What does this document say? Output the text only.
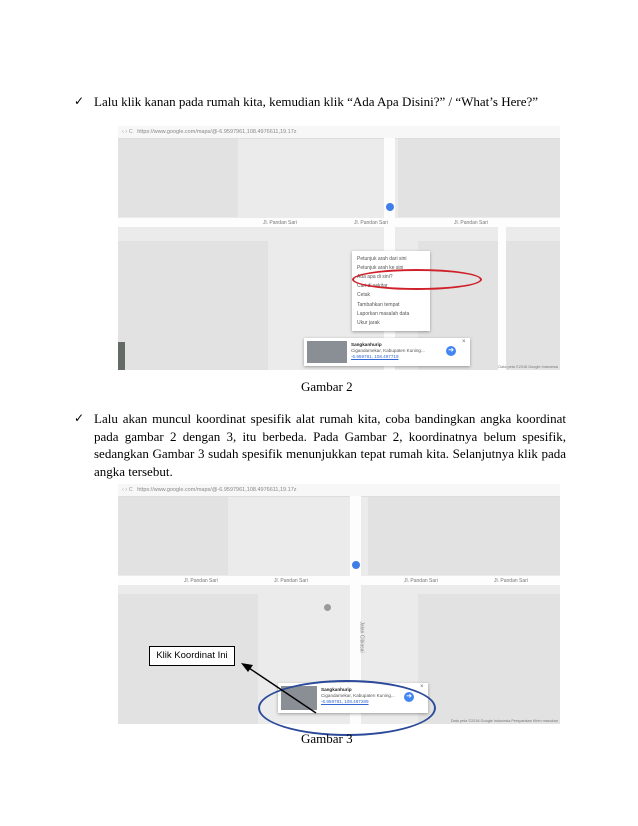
✓ Lalu klik kanan pada rumah kita, kemudian klik “Ada Apa Disini?” / “What’s Here?”
‹ › C https://www.google.com/maps/@-6.9597961,108.4976611,19.17z
Jl. Pandan Sari	Jl. Pandan Sari	Jl. Pandan Sari
Petunjuk arah dari sini
Petunjuk arah ke sini
Ada apa di sini?
Cari di sekitar
Cetak
Tambahkan tempat
Laporkan masalah data
Ukur jarak
Sangkanhurip
Cigandamekar, Kabupaten Kuning...
-6.959781, 108.497719
➜
×
Data peta ©2018 Google Indonesia
Gambar 2
✓ Lalu akan muncul koordinat spesifik alat rumah kita, coba bandingkan angka koordinat pada gambar 2 dengan 3, itu berbeda. Pada Gambar 2, koordinatnya belum spesifik, sedangkan Gambar 3 sudah spesifik menunjukkan tepat rumah kita. Selanjutnya klik pada angka tersebut.
‹ › C https://www.google.com/maps/@-6.9597961,108.4976611,19.17z
Jl. Pandan Sari	Jl. Pandan Sari	Jl. Pandan Sari	Jl. Pandan Sari
Jalan Cibiasai
Sangkanhurip
Cigandamekar, Kabupaten Kuning...
-6.959781, 108.497289
➜
×
Data peta ©2018 Google Indonesia Persyaratan Kirim masukan
Klik Koordinat Ini
Gambar 3
